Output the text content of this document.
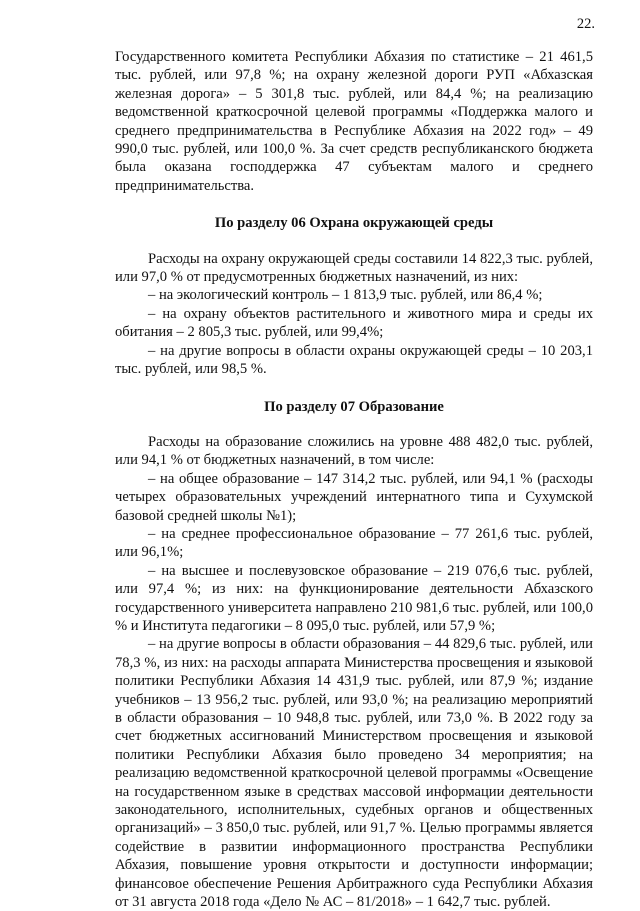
22.

Государственного комитета Республики Абхазия по статистике – 21 461,5 тыс. рублей, или 97,8 %; на охрану железной дороги РУП «Абхазская железная дорога» – 5 301,8 тыс. рублей, или 84,4 %; на реализацию ведомственной краткосрочной целевой программы «Поддержка малого и среднего предпринимательства в Республике Абхазия на 2022 год» – 49 990,0 тыс. рублей, или 100,0 %. За счет средств республиканского бюджета была оказана господдержка 47 субъектам малого и среднего предпринимательства.

По разделу 06 Охрана окружающей среды

Расходы на охрану окружающей среды составили 14 822,3 тыс. рублей, или 97,0 % от предусмотренных бюджетных назначений, из них:

– на экологический контроль – 1 813,9 тыс. рублей, или 86,4 %;

– на охрану объектов растительного и животного мира и среды их обитания – 2 805,3 тыс. рублей, или 99,4%;

– на другие вопросы в области охраны окружающей среды – 10 203,1 тыс. рублей, или 98,5 %.

По разделу 07 Образование

Расходы на образование сложились на уровне 488 482,0 тыс. рублей, или 94,1 % от бюджетных назначений, в том числе:

– на общее образование – 147 314,2 тыс. рублей, или 94,1 % (расходы четырех образовательных учреждений интернатного типа и Сухумской базовой средней школы №1);

– на среднее профессиональное образование – 77 261,6 тыс. рублей, или 96,1%;

– на высшее и послевузовское образование – 219 076,6 тыс. рублей, или 97,4 %; из них: на функционирование деятельности Абхазского государственного университета направлено 210 981,6 тыс. рублей, или 100,0 % и Института педагогики – 8 095,0 тыс. рублей, или 57,9 %;

– на другие вопросы в области образования – 44 829,6 тыс. рублей, или 78,3 %, из них: на расходы аппарата Министерства просвещения и языковой политики Республики Абхазия 14 431,9 тыс. рублей, или 87,9 %; издание учебников – 13 956,2 тыс. рублей, или 93,0 %; на реализацию мероприятий в области образования – 10 948,8 тыс. рублей, или 73,0 %. В 2022 году за счет бюджетных ассигнований Министерством просвещения и языковой политики Республики Абхазия было проведено 34 мероприятия; на реализацию ведомственной краткосрочной целевой программы «Освещение на государственном языке в средствах массовой информации деятельности законодательного, исполнительных, судебных органов и общественных организаций» – 3 850,0 тыс. рублей, или 91,7 %. Целью программы является содействие в развитии информационного пространства Республики Абхазия, повышение уровня открытости и доступности информации; финансовое обеспечение Решения Арбитражного суда Республики Абхазия от 31 августа 2018 года «Дело № АС – 81/2018» – 1 642,7 тыс. рублей.
